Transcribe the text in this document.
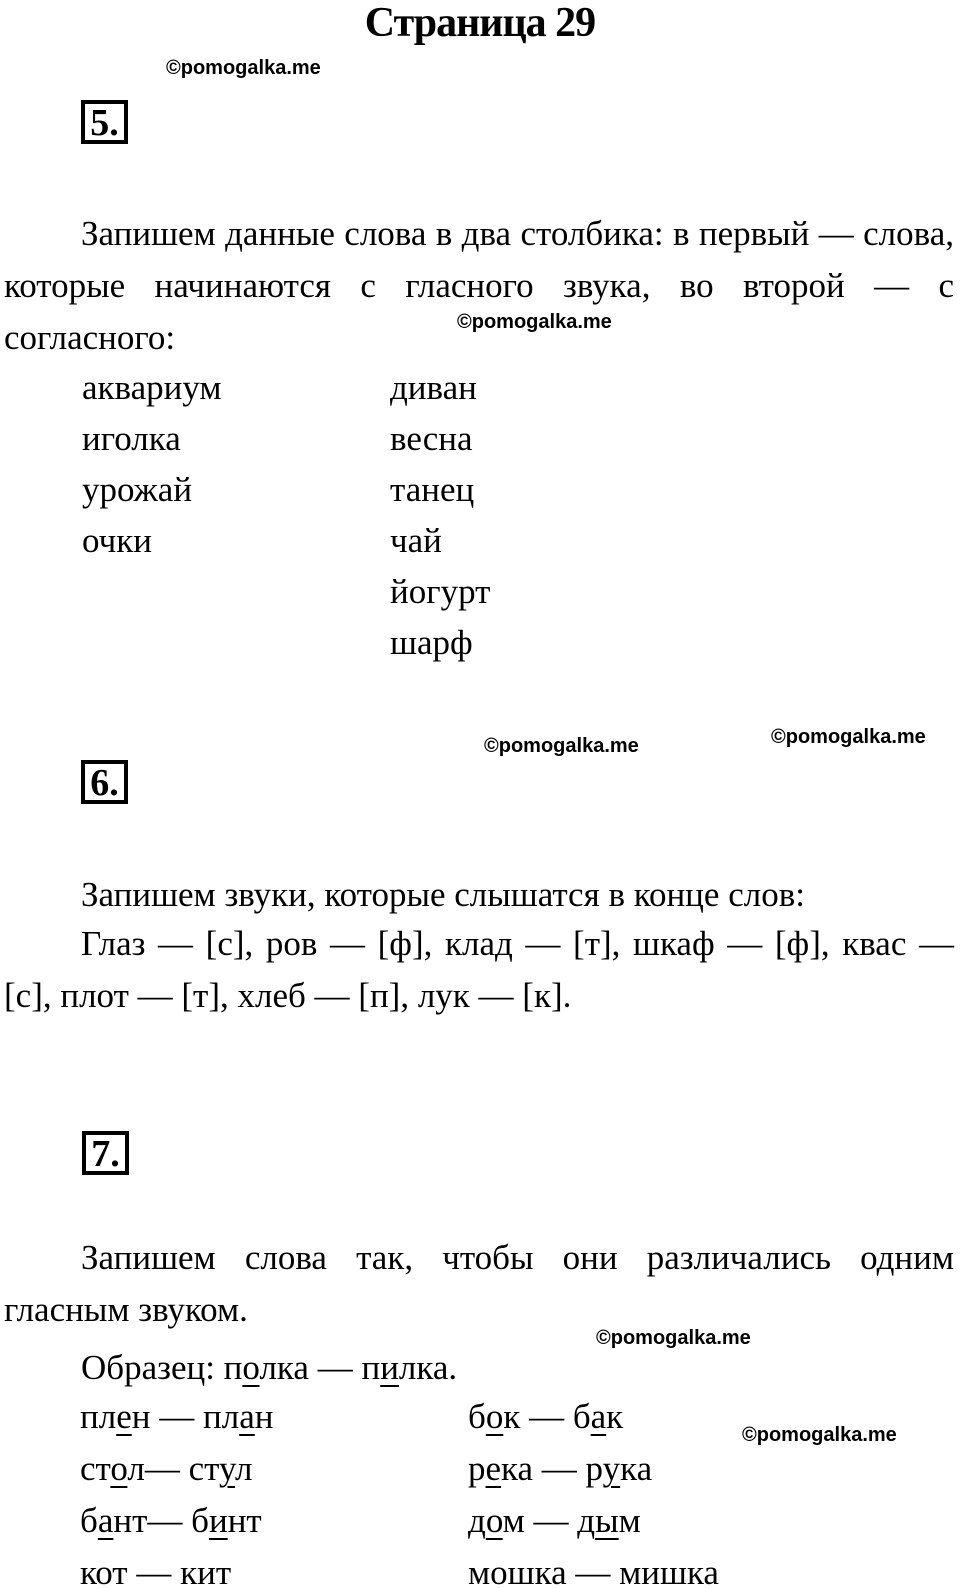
Страница 29
©pomogalka.me
5.

Запишем данные слова в два столбика: в первый — слова, которые начинаются с гласного звука, во второй — с согласного:	©pomogalka.me
аквариум
иголка
урожай
очки
диван
весна
танец
чай
йогурт
шарф
©pomogalka.me	©pomogalka.me
6.

Запишем звуки, которые слышатся в конце слов:

Глаз — [с], ров — [ф], клад — [т], шкаф — [ф], квас — [с], плот — [т], хлеб — [п], лук — [к].

7.

Запишем слова так, чтобы они различались одним гласным звуком.

©pomogalka.me

Образец: полка — пилка.

плен — план
стол— стул
бант— бинт
кот — кит
бок — бак
река — рука
дом — дым
мошка — мишка
©pomogalka.me
